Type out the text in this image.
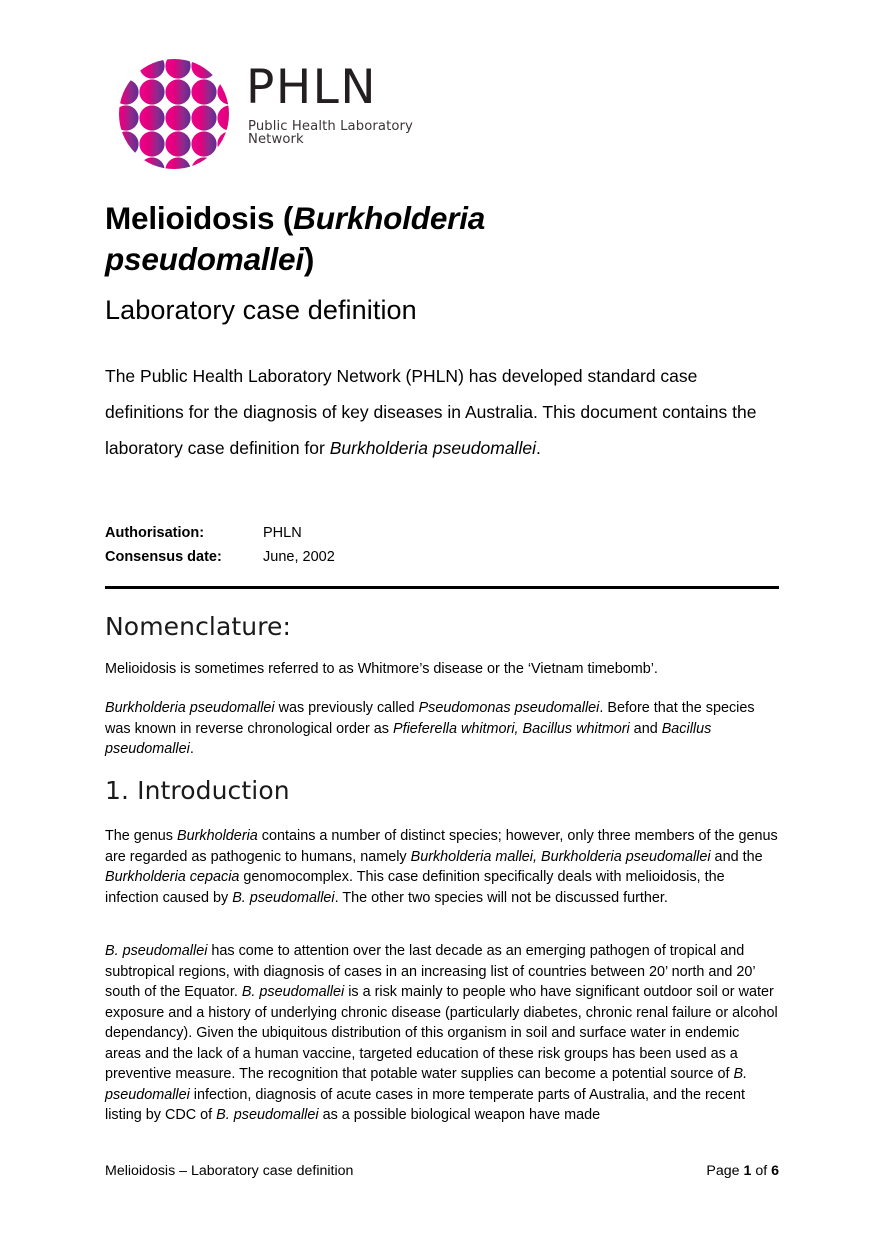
PHLN
Public Health Laboratory Network
Melioidosis (Burkholderia pseudomallei)
Laboratory case definition

The Public Health Laboratory Network (PHLN) has developed standard case definitions for the diagnosis of key diseases in Australia. This document contains the laboratory case definition for Burkholderia pseudomallei.

Authorisation:	PHLN
Consensus date:	June, 2002
Nomenclature:

Melioidosis is sometimes referred to as Whitmore’s disease or the ‘Vietnam timebomb’.

Burkholderia pseudomallei was previously called Pseudomonas pseudomallei. Before that the species was known in reverse chronological order as Pfieferella whitmori, Bacillus whitmori and Bacillus pseudomallei.

1. Introduction

The genus Burkholderia contains a number of distinct species; however, only three members of the genus are regarded as pathogenic to humans, namely Burkholderia mallei, Burkholderia pseudomallei and the Burkholderia cepacia genomocomplex. This case definition specifically deals with melioidosis, the infection caused by B. pseudomallei. The other two species will not be discussed further.

B. pseudomallei has come to attention over the last decade as an emerging pathogen of tropical and subtropical regions, with diagnosis of cases in an increasing list of countries between 20’ north and 20’ south of the Equator. B. pseudomallei is a risk mainly to people who have significant outdoor soil or water exposure and a history of underlying chronic disease (particularly diabetes, chronic renal failure or alcohol dependancy). Given the ubiquitous distribution of this organism in soil and surface water in endemic areas and the lack of a human vaccine, targeted education of these risk groups has been used as a preventive measure. The recognition that potable water supplies can become a potential source of B. pseudomallei infection, diagnosis of acute cases in more temperate parts of Australia, and the recent listing by CDC of B. pseudomallei as a possible biological weapon have made

Melioidosis – Laboratory case definition	Page 1 of 6
